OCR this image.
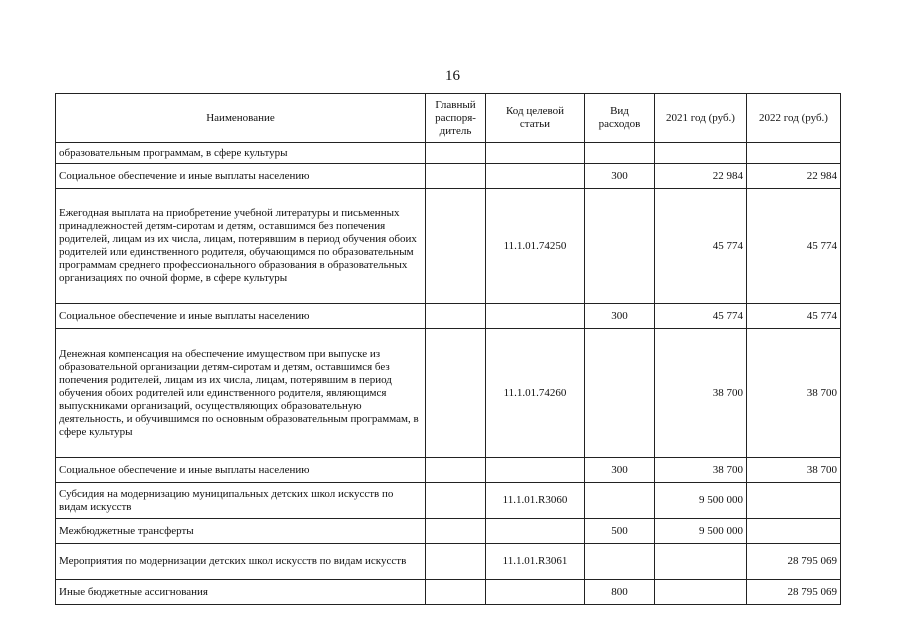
16
Наименование	Главный распоря-дитель	Код целевой статьи	Вид расходов	2021 год (руб.)	2022 год (руб.)
образовательным программам, в сфере культуры					
Социальное обеспечение и иные выплаты населению			300	22 984	22 984
Ежегодная выплата на приобретение учебной литературы и письменных принадлежностей детям-сиротам и детям, оставшимся без попечения родителей, лицам из их числа, лицам, потерявшим в период обучения обоих родителей или единственного родителя, обучающимся по образовательным программам среднего профессионального образования в образовательных организациях по очной форме, в сфере культуры		11.1.01.74250		45 774	45 774
Социальное обеспечение и иные выплаты населению			300	45 774	45 774
Денежная компенсация на обеспечение имуществом при выпуске из образовательной организации детям-сиротам и детям, оставшимся без попечения родителей, лицам из их числа, лицам, потерявшим в период обучения обоих родителей или единственного родителя, являющимся выпускниками организаций, осуществляющих образовательную деятельность, и обучившимся по основным образовательным программам, в сфере культуры		11.1.01.74260		38 700	38 700
Социальное обеспечение и иные выплаты населению			300	38 700	38 700
Субсидия на модернизацию муниципальных детских школ искусств по видам искусств		11.1.01.R3060		9 500 000	
Межбюджетные трансферты			500	9 500 000	
Мероприятия по модернизации детских школ искусств по видам искусств		11.1.01.R3061			28 795 069
Иные бюджетные ассигнования			800		28 795 069
